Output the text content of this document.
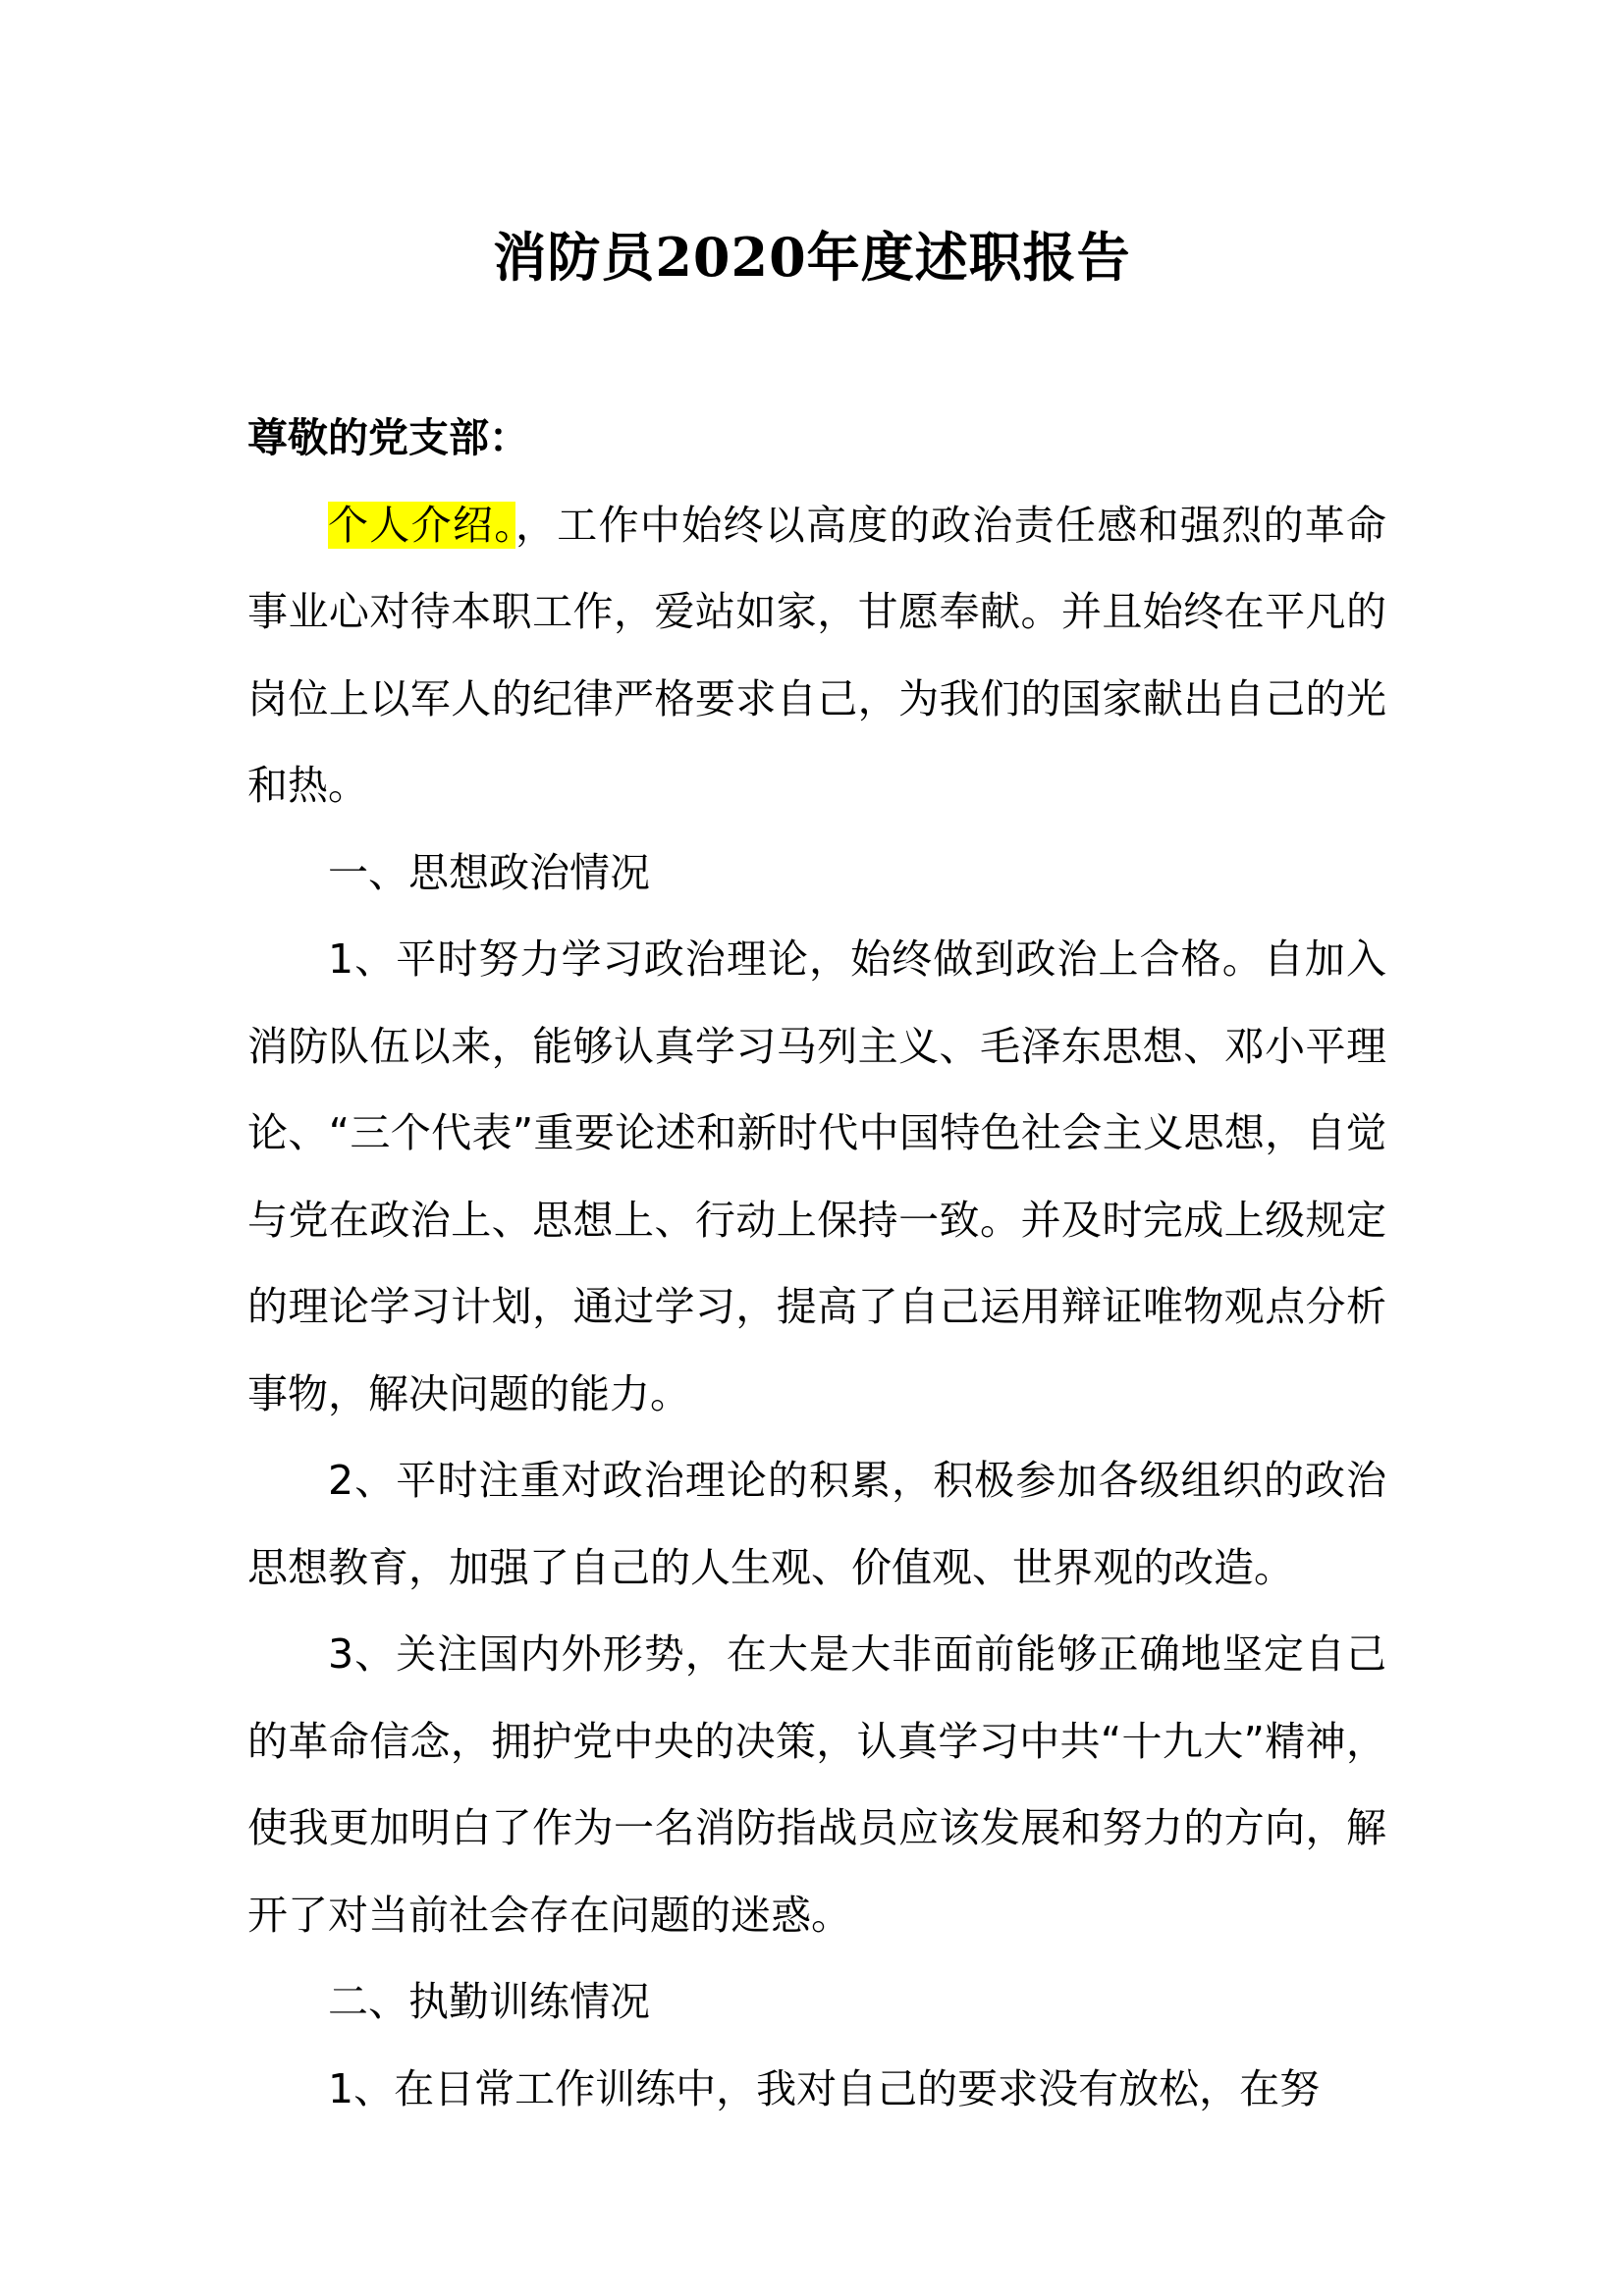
消防员2020年度述职报告

尊敬的党支部：

个人介绍。，工作中始终以高度的政治责任感和强烈的革命事业心对待本职工作，爱站如家，甘愿奉献。并且始终在平凡的岗位上以军人的纪律严格要求自己，为我们的国家献出自己的光和热。

一、思想政治情况

1、平时努力学习政治理论，始终做到政治上合格。自加入消防队伍以来，能够认真学习马列主义、毛泽东思想、邓小平理论、“三个代表”重要论述和新时代中国特色社会主义思想，自觉与党在政治上、思想上、行动上保持一致。并及时完成上级规定的理论学习计划，通过学习，提高了自己运用辩证唯物观点分析事物，解决问题的能力。

2、平时注重对政治理论的积累，积极参加各级组织的政治思想教育，加强了自己的人生观、价值观、世界观的改造。

3、关注国内外形势，在大是大非面前能够正确地坚定自己的革命信念，拥护党中央的决策，认真学习中共“十九大”精神，使我更加明白了作为一名消防指战员应该发展和努力的方向，解开了对当前社会存在问题的迷惑。

二、执勤训练情况

1、在日常工作训练中，我对自己的要求没有放松，在努
